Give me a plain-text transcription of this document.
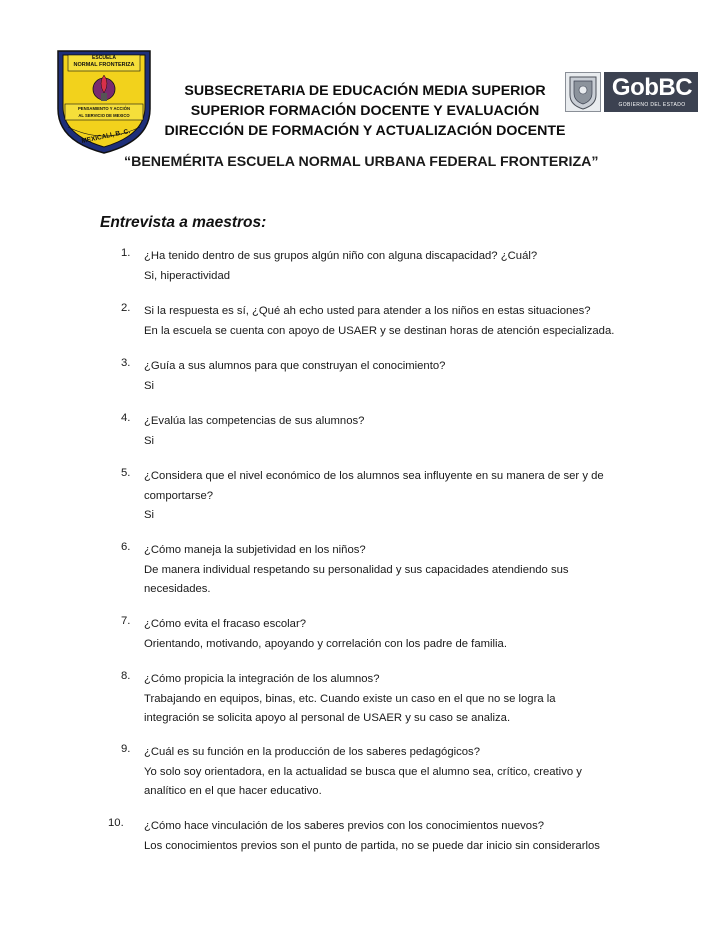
ESCUELA
NORMAL FRONTERIZA
PENSAMIENTO Y ACCIÓN
AL SERVICIO DE MEXICO
MEXICALI, B. C.
GobBC
GOBIERNO DEL ESTADO
SUBSECRETARIA DE EDUCACIÓN MEDIA SUPERIOR
SUPERIOR FORMACIÓN DOCENTE Y EVALUACIÓN
DIRECCIÓN DE FORMACIÓN Y ACTUALIZACIÓN DOCENTE
“BENEMÉRITA ESCUELA NORMAL URBANA FEDERAL FRONTERIZA”
Entrevista a maestros:
1. ¿Ha tenido dentro de sus grupos algún niño con alguna discapacidad? ¿Cuál?
Si, hiperactividad
2. Si la respuesta es sí, ¿Qué ah echo usted para atender a los niños en estas situaciones?
En la escuela se cuenta con apoyo de USAER y se destinan horas de atención especializada.
3. ¿Guía a sus alumnos para que construyan el conocimiento?
Si
4. ¿Evalúa las competencias de sus alumnos?
Si
5. ¿Considera que el nivel económico de los alumnos sea influyente en su manera de ser y de
comportarse?
Si
6. ¿Cómo maneja la subjetividad en los niños?
De manera individual respetando su personalidad y sus capacidades atendiendo sus
necesidades.
7. ¿Cómo evita el fracaso escolar?
Orientando, motivando, apoyando y correlación con los padre de familia.
8. ¿Cómo propicia la integración de los alumnos?
Trabajando en equipos, binas, etc. Cuando existe un caso en el que no se logra la
integración se solicita apoyo al personal de USAER y su caso se analiza.
9. ¿Cuál es su función en la producción de los saberes pedagógicos?
Yo solo soy orientadora, en la actualidad se busca que el alumno sea, crítico, creativo y
analítico en el que hacer educativo.
10. ¿Cómo hace vinculación de los saberes previos con los conocimientos nuevos?
Los conocimientos previos son el punto de partida, no se puede dar inicio sin considerarlos
